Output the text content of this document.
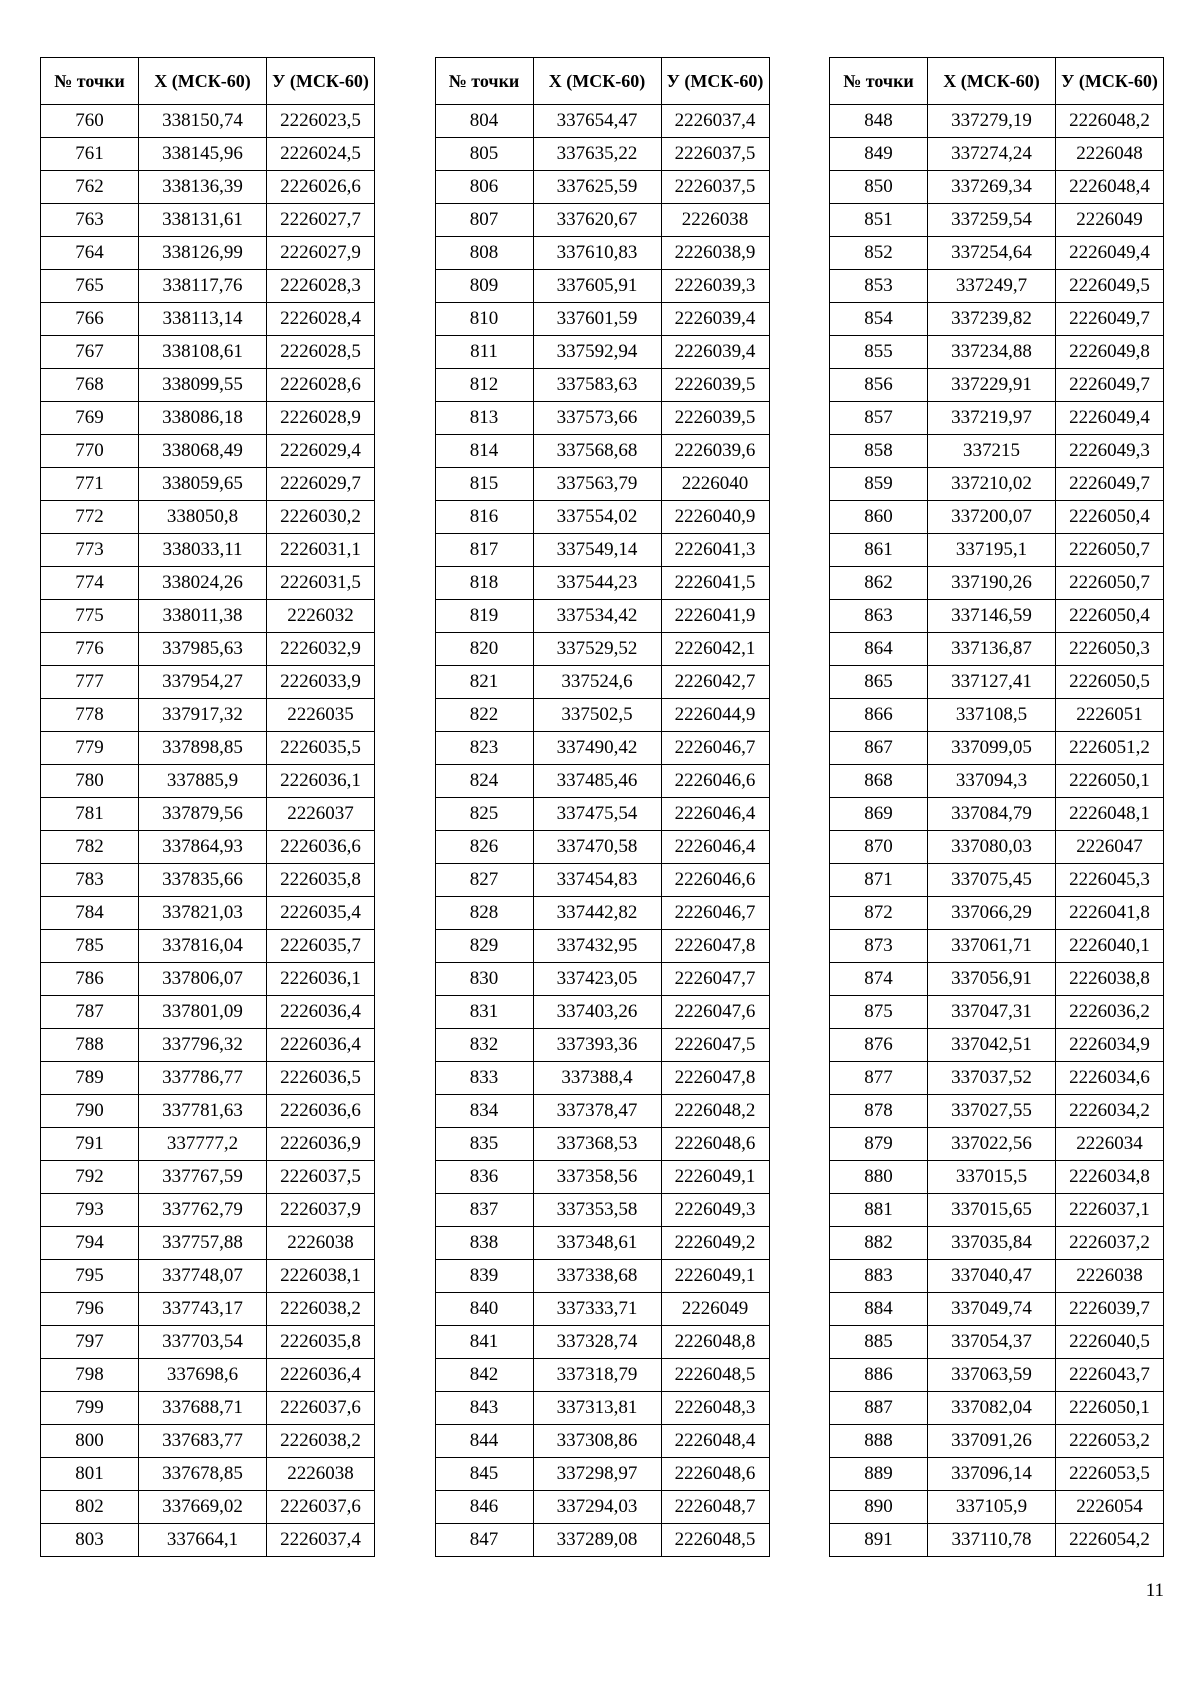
№ точки	X (МСК-60)	У (МСК-60)
760	338150,74	2226023,5
761	338145,96	2226024,5
762	338136,39	2226026,6
763	338131,61	2226027,7
764	338126,99	2226027,9
765	338117,76	2226028,3
766	338113,14	2226028,4
767	338108,61	2226028,5
768	338099,55	2226028,6
769	338086,18	2226028,9
770	338068,49	2226029,4
771	338059,65	2226029,7
772	338050,8	2226030,2
773	338033,11	2226031,1
774	338024,26	2226031,5
775	338011,38	2226032
776	337985,63	2226032,9
777	337954,27	2226033,9
778	337917,32	2226035
779	337898,85	2226035,5
780	337885,9	2226036,1
781	337879,56	2226037
782	337864,93	2226036,6
783	337835,66	2226035,8
784	337821,03	2226035,4
785	337816,04	2226035,7
786	337806,07	2226036,1
787	337801,09	2226036,4
788	337796,32	2226036,4
789	337786,77	2226036,5
790	337781,63	2226036,6
791	337777,2	2226036,9
792	337767,59	2226037,5
793	337762,79	2226037,9
794	337757,88	2226038
795	337748,07	2226038,1
796	337743,17	2226038,2
797	337703,54	2226035,8
798	337698,6	2226036,4
799	337688,71	2226037,6
800	337683,77	2226038,2
801	337678,85	2226038
802	337669,02	2226037,6
803	337664,1	2226037,4
№ точки	X (МСК-60)	У (МСК-60)
804	337654,47	2226037,4
805	337635,22	2226037,5
806	337625,59	2226037,5
807	337620,67	2226038
808	337610,83	2226038,9
809	337605,91	2226039,3
810	337601,59	2226039,4
811	337592,94	2226039,4
812	337583,63	2226039,5
813	337573,66	2226039,5
814	337568,68	2226039,6
815	337563,79	2226040
816	337554,02	2226040,9
817	337549,14	2226041,3
818	337544,23	2226041,5
819	337534,42	2226041,9
820	337529,52	2226042,1
821	337524,6	2226042,7
822	337502,5	2226044,9
823	337490,42	2226046,7
824	337485,46	2226046,6
825	337475,54	2226046,4
826	337470,58	2226046,4
827	337454,83	2226046,6
828	337442,82	2226046,7
829	337432,95	2226047,8
830	337423,05	2226047,7
831	337403,26	2226047,6
832	337393,36	2226047,5
833	337388,4	2226047,8
834	337378,47	2226048,2
835	337368,53	2226048,6
836	337358,56	2226049,1
837	337353,58	2226049,3
838	337348,61	2226049,2
839	337338,68	2226049,1
840	337333,71	2226049
841	337328,74	2226048,8
842	337318,79	2226048,5
843	337313,81	2226048,3
844	337308,86	2226048,4
845	337298,97	2226048,6
846	337294,03	2226048,7
847	337289,08	2226048,5
№ точки	X (МСК-60)	У (МСК-60)
848	337279,19	2226048,2
849	337274,24	2226048
850	337269,34	2226048,4
851	337259,54	2226049
852	337254,64	2226049,4
853	337249,7	2226049,5
854	337239,82	2226049,7
855	337234,88	2226049,8
856	337229,91	2226049,7
857	337219,97	2226049,4
858	337215	2226049,3
859	337210,02	2226049,7
860	337200,07	2226050,4
861	337195,1	2226050,7
862	337190,26	2226050,7
863	337146,59	2226050,4
864	337136,87	2226050,3
865	337127,41	2226050,5
866	337108,5	2226051
867	337099,05	2226051,2
868	337094,3	2226050,1
869	337084,79	2226048,1
870	337080,03	2226047
871	337075,45	2226045,3
872	337066,29	2226041,8
873	337061,71	2226040,1
874	337056,91	2226038,8
875	337047,31	2226036,2
876	337042,51	2226034,9
877	337037,52	2226034,6
878	337027,55	2226034,2
879	337022,56	2226034
880	337015,5	2226034,8
881	337015,65	2226037,1
882	337035,84	2226037,2
883	337040,47	2226038
884	337049,74	2226039,7
885	337054,37	2226040,5
886	337063,59	2226043,7
887	337082,04	2226050,1
888	337091,26	2226053,2
889	337096,14	2226053,5
890	337105,9	2226054
891	337110,78	2226054,2
11
